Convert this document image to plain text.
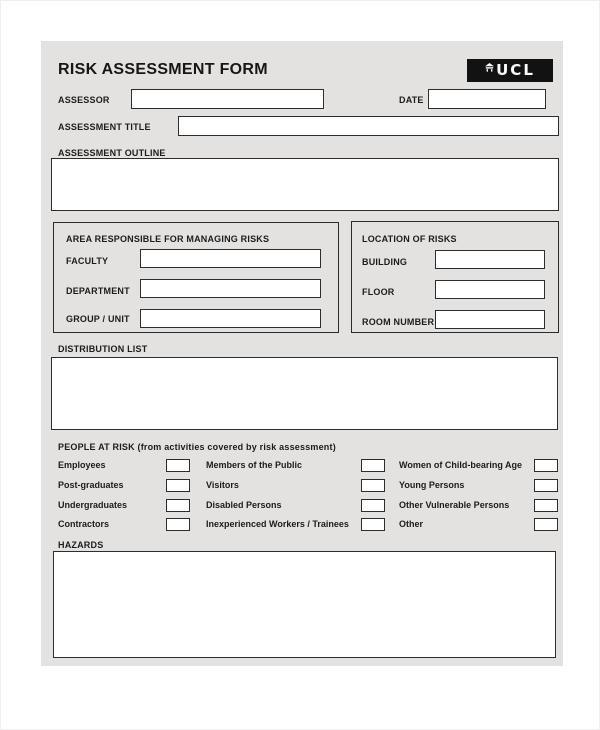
RISK ASSESSMENT FORM	UCL
ASSESSOR	DATE
ASSESSMENT TITLE
ASSESSMENT OUTLINE
AREA RESPONSIBLE FOR MANAGING RISKS
FACULTY
DEPARTMENT
GROUP / UNIT
LOCATION OF RISKS
BUILDING
FLOOR
ROOM NUMBER
DISTRIBUTION LIST
PEOPLE AT RISK (from activities covered by risk assessment)
Employees	Members of the Public	Women of Child-bearing Age
Post-graduates	Visitors	Young Persons
Undergraduates	Disabled Persons	Other Vulnerable Persons
Contractors	Inexperienced Workers / Trainees	Other
HAZARDS
